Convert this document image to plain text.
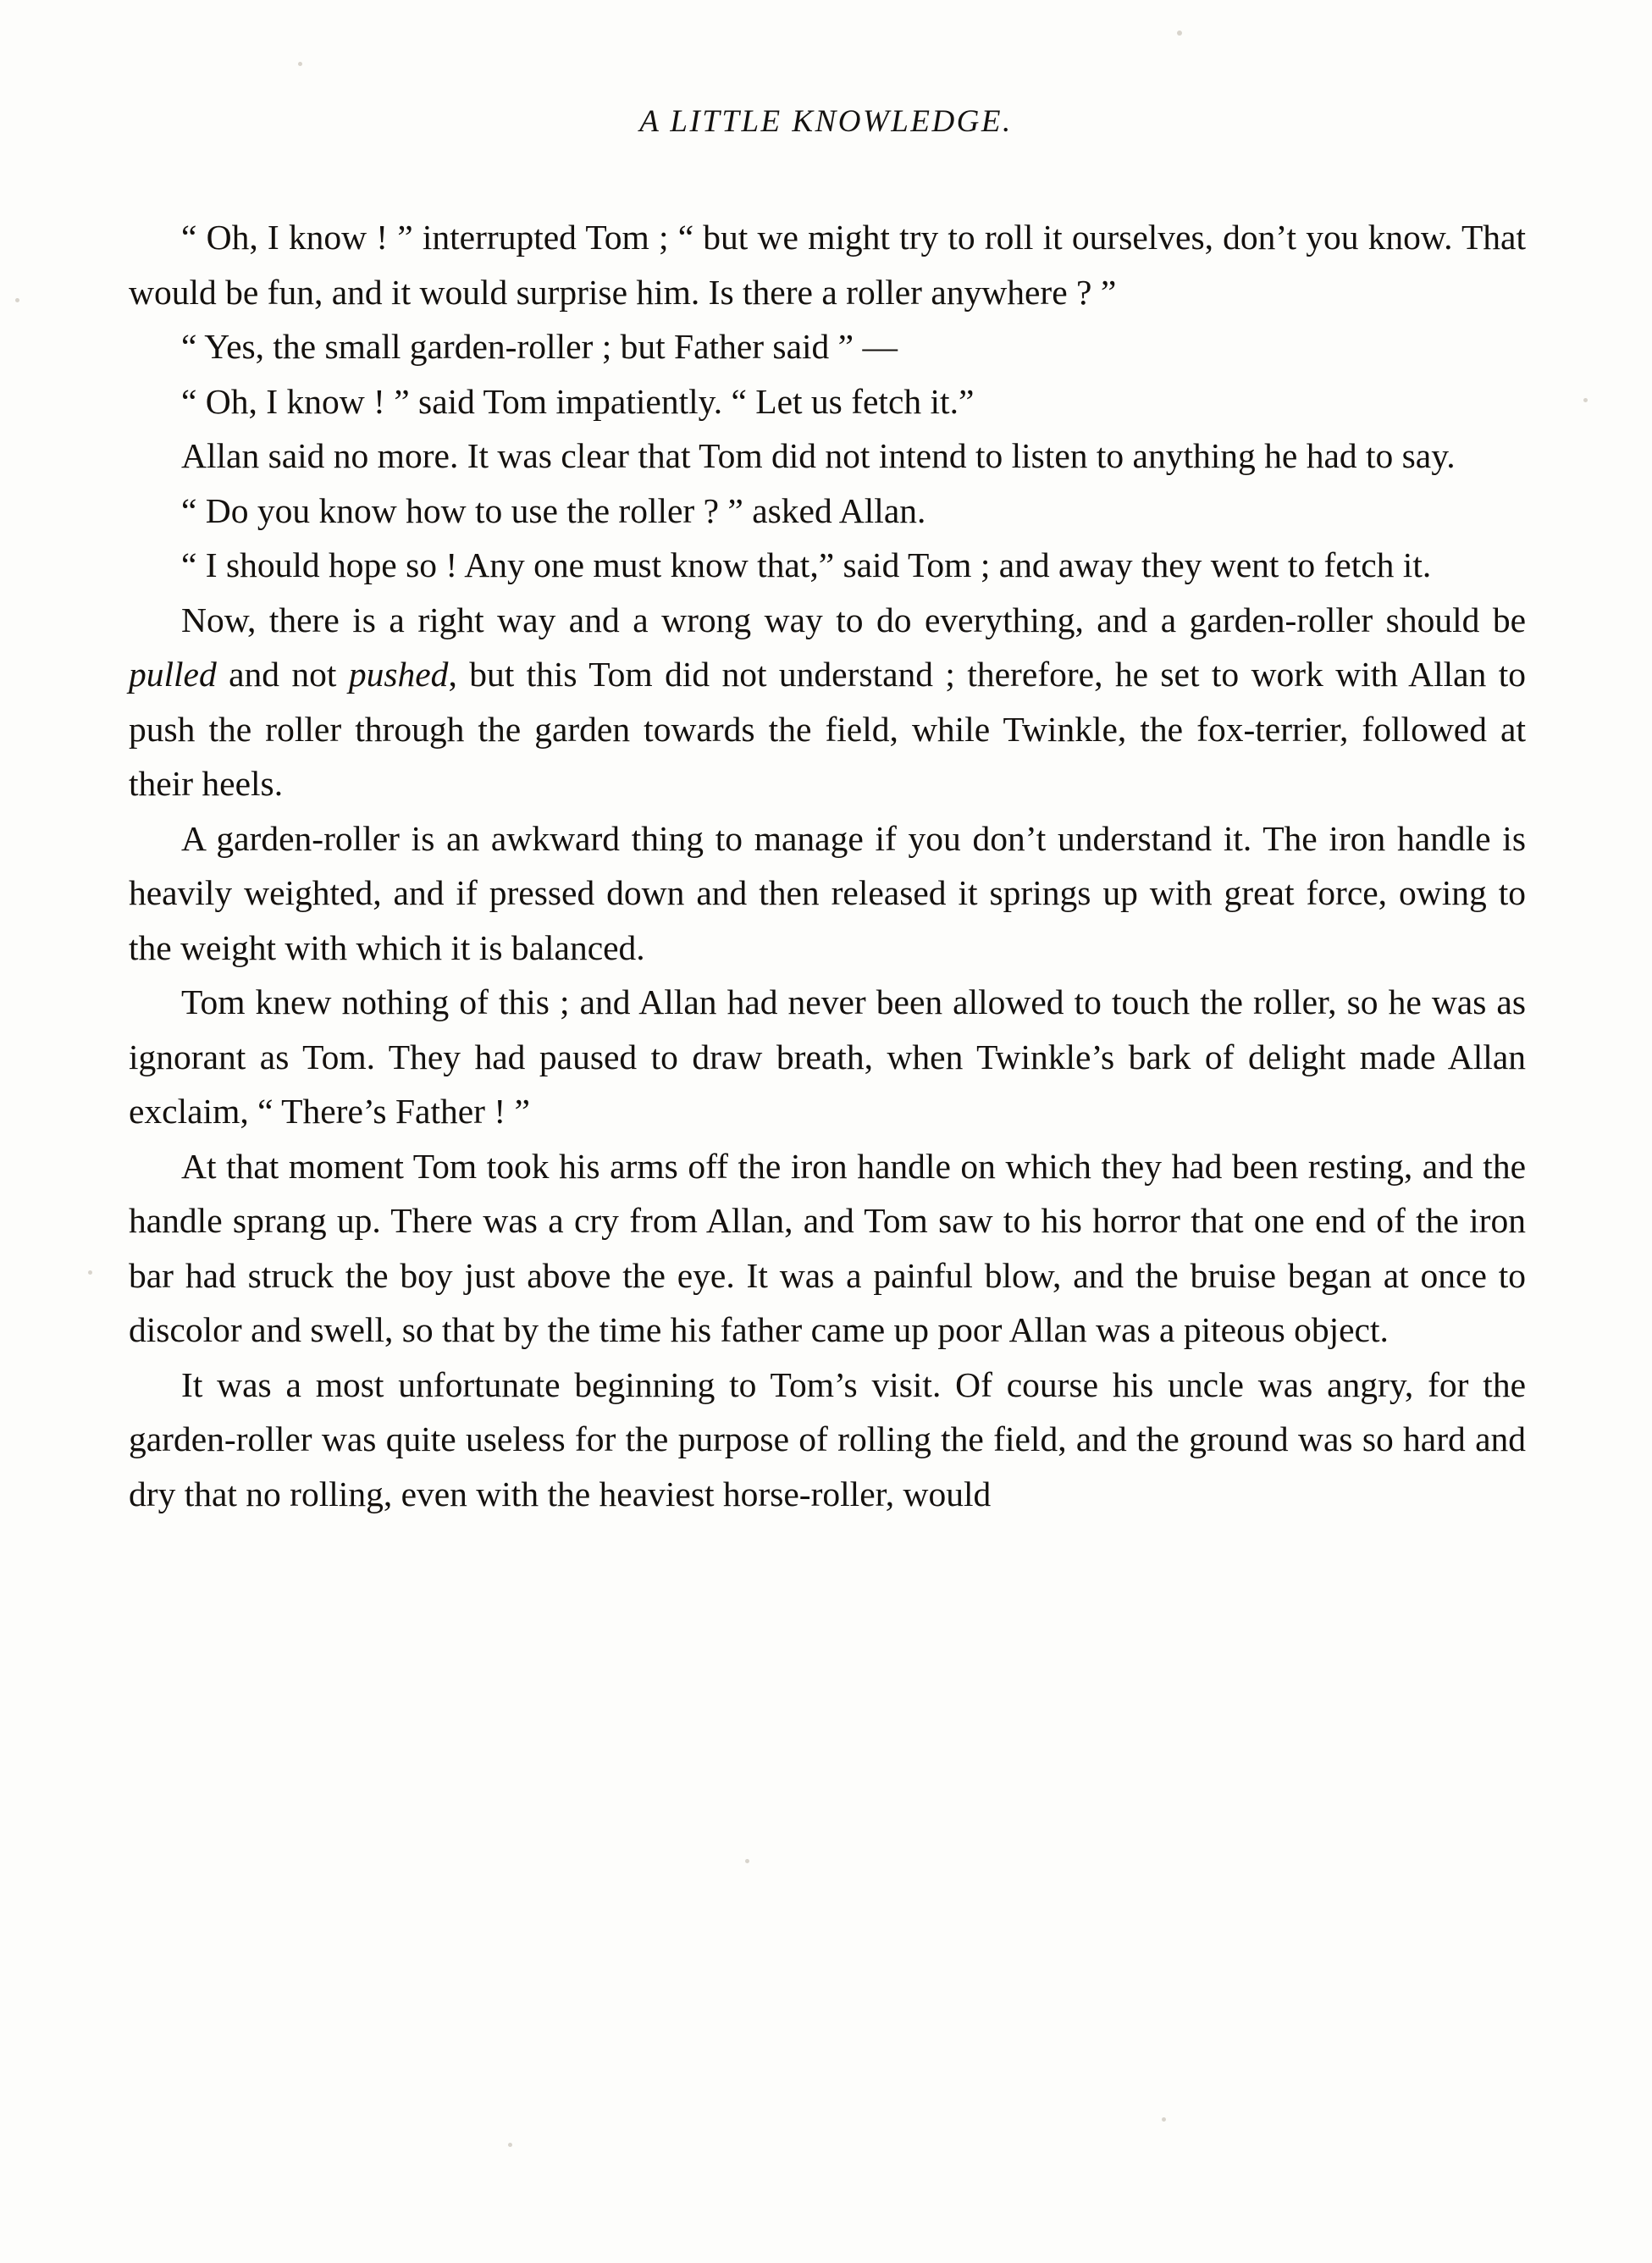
A LITTLE KNOWLEDGE.

“ Oh, I know ! ” interrupted Tom ; “ but we might try to roll it ourselves, don’t you know. That would be fun, and it would surprise him. Is there a roller anywhere ? ”

“ Yes, the small garden-roller ; but Father said ” —

“ Oh, I know ! ” said Tom impatiently. “ Let us fetch it.”

Allan said no more. It was clear that Tom did not intend to listen to anything he had to say.

“ Do you know how to use the roller ? ” asked Allan.

“ I should hope so ! Any one must know that,” said Tom ; and away they went to fetch it.

Now, there is a right way and a wrong way to do everything, and a garden-roller should be pulled and not pushed, but this Tom did not understand ; therefore, he set to work with Allan to push the roller through the garden towards the field, while Twinkle, the fox-terrier, followed at their heels.

A garden-roller is an awkward thing to manage if you don’t understand it. The iron handle is heavily weighted, and if pressed down and then released it springs up with great force, owing to the weight with which it is balanced.

Tom knew nothing of this ; and Allan had never been allowed to touch the roller, so he was as ignorant as Tom. They had paused to draw breath, when Twinkle’s bark of delight made Allan exclaim, “ There’s Father ! ”

At that moment Tom took his arms off the iron handle on which they had been resting, and the handle sprang up. There was a cry from Allan, and Tom saw to his horror that one end of the iron bar had struck the boy just above the eye. It was a painful blow, and the bruise began at once to discolor and swell, so that by the time his father came up poor Allan was a piteous object.

It was a most unfortunate beginning to Tom’s visit. Of course his uncle was angry, for the garden-roller was quite useless for the purpose of rolling the field, and the ground was so hard and dry that no rolling, even with the heaviest horse-roller, would
